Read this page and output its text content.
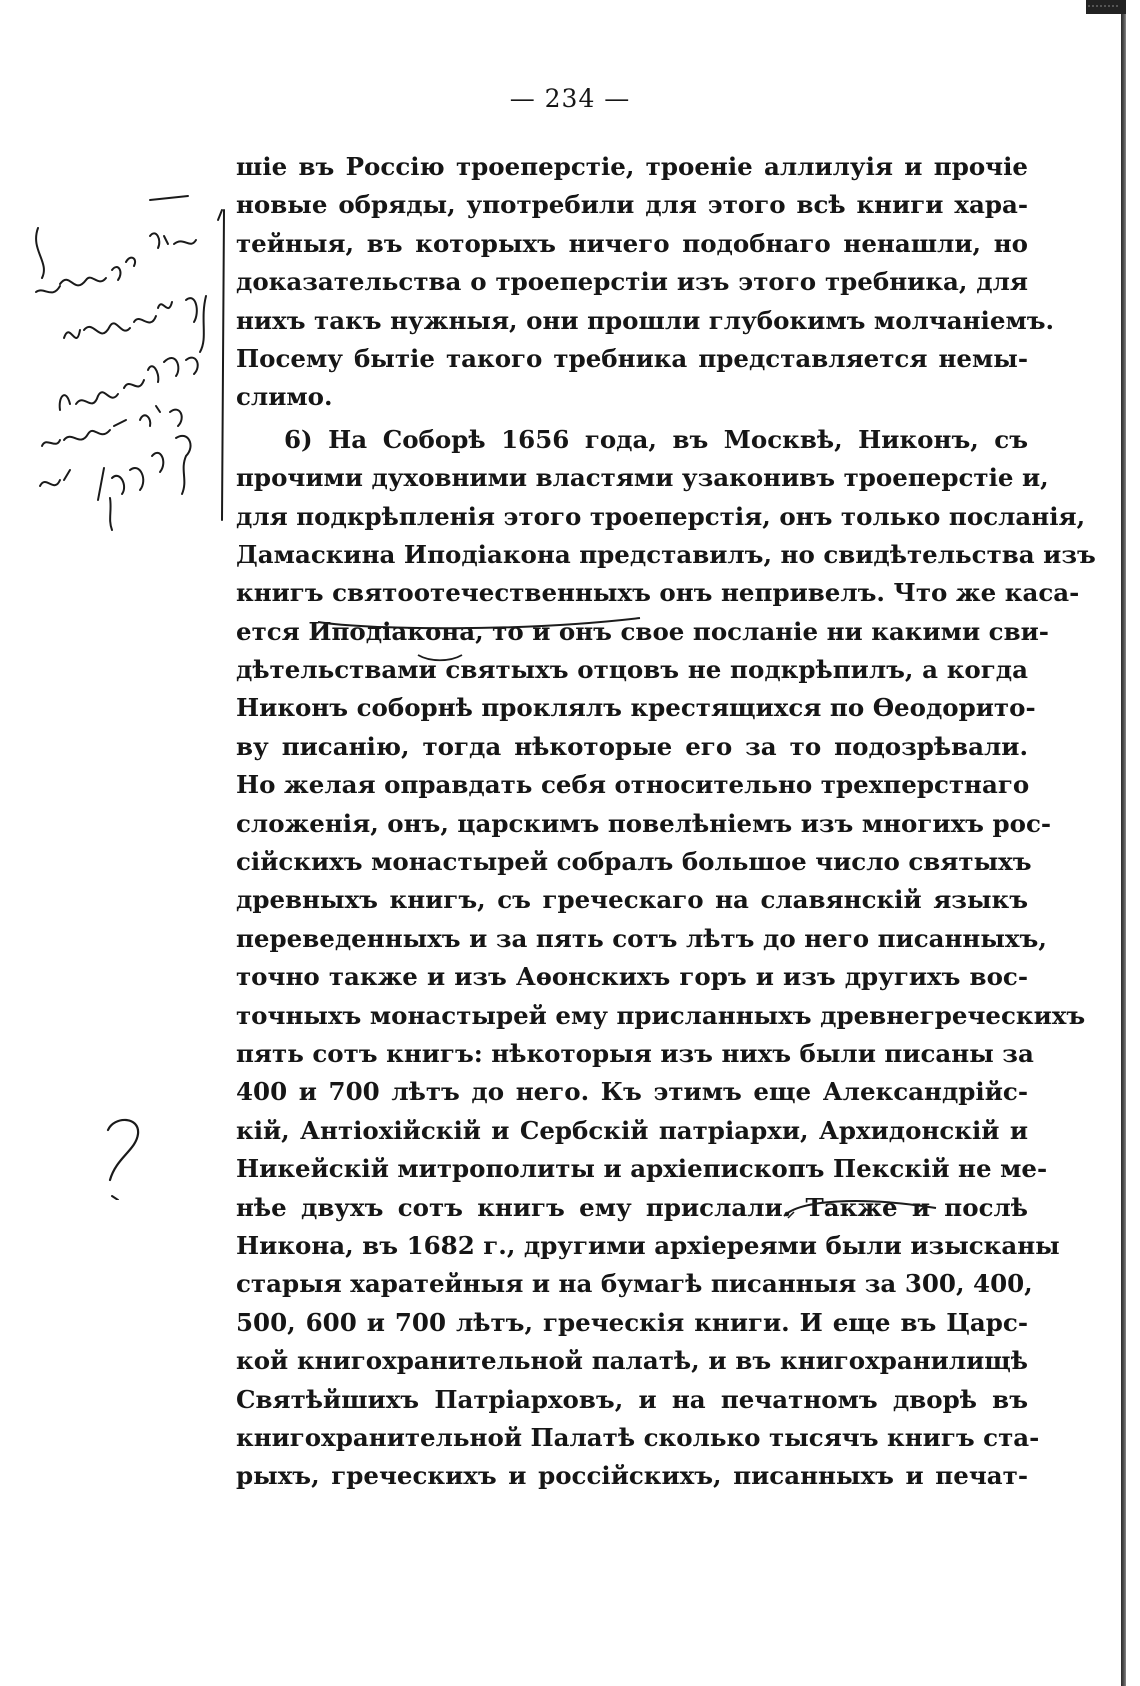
— 234 —
шіе въ Россію троеперстіе, троеніе аллилуія и прочіе
новые обряды, употребили для этого всѣ книги хара-
тейныя, въ которыхъ ничего подобнаго ненашли, но
доказательства о троеперстіи изъ этого требника, для
нихъ такъ нужныя, они прошли глубокимъ молчаніемъ.
Посему бытіе такого требника представляется немы-
слимо.
6) На Соборѣ 1656 года, въ Москвѣ, Никонъ, съ
прочими духовними властями узаконивъ троеперстіе и,
для подкрѣпленія этого троеперстія, онъ только посланія,
Дамаскина Иподіакона представилъ, но свидѣтельства изъ
книгъ святоотечественныхъ онъ непривелъ. Что же каса-
ется Иподіакона, то и онъ свое посланіе ни какими сви-
дѣтельствами святыхъ отцовъ не подкрѣпилъ, а когда
Никонъ соборнѣ проклялъ крестящихся по Ѳеодорито-
ву писанію, тогда нѣкоторые его за то подозрѣвали.
Но желая оправдать себя относительно трехперстнаго
сложенія, онъ, царскимъ повелѣніемъ изъ многихъ рос-
сійскихъ монастырей собралъ большое число святыхъ
древныхъ книгъ, съ греческаго на славянскій языкъ
переведенныхъ и за пять сотъ лѣтъ до него писанныхъ,
точно также и изъ Аѳонскихъ горъ и изъ другихъ вос-
точныхъ монастырей ему присланныхъ древнегреческихъ
пять сотъ книгъ: нѣкоторыя изъ нихъ были писаны за
400 и 700 лѣтъ до него. Къ этимъ еще Александрійс-
кій, Антіохійскій и Сербскій патріархи, Архидонскій и
Никейскій митрополиты и архіепископъ Пекскій не ме-
нѣе двухъ сотъ книгъ ему прислали. Также и послѣ
Никона, въ 1682 г., другими архіереями были изысканы
старыя харатейныя и на бумагѣ писанныя за 300, 400,
500, 600 и 700 лѣтъ, греческія книги. И еще въ Царс-
кой книгохранительной палатѣ, и въ книгохранилищѣ
Святѣйшихъ Патріарховъ, и на печатномъ дворѣ въ
книгохранительной Палатѣ сколько тысячъ книгъ ста-
рыхъ, греческихъ и россійскихъ, писанныхъ и печат-
